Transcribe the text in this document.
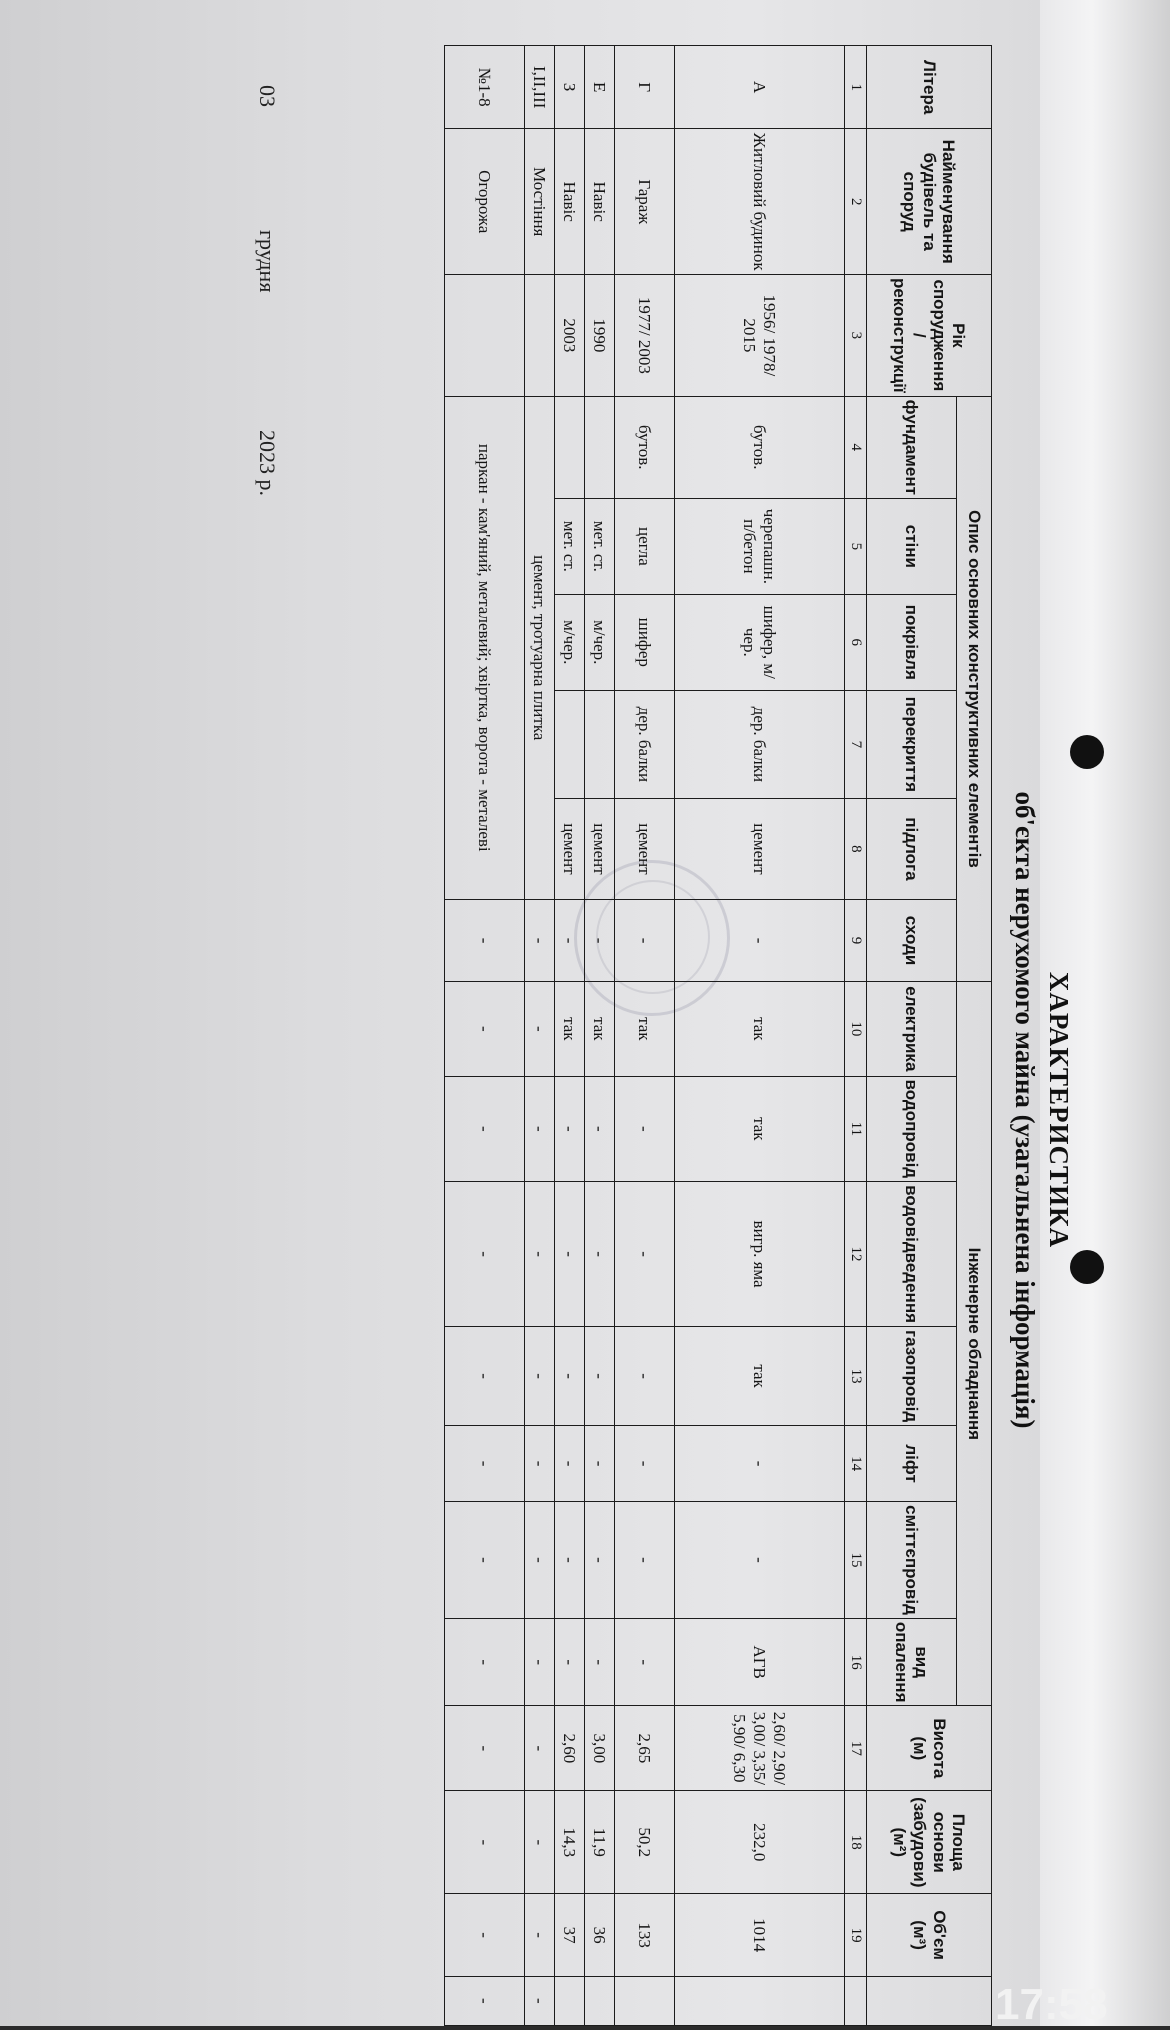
ХАРАКТЕРИСТИКА
об'єкта нерухомого майна (узагальнена інформація)
Літера	Найменування будівель та споруд	Рік спорудження / реконструкції	Опис основних конструктивних елементів						Інженерне обладнання							Висота (м)	Площа основи (забудови) (м²)	Об'єм (м³)	
			фундамент	стіни	покрівля	перекриття	підлога	сходи	електрика	водопровід	водовідведення	газопровід	ліфт	сміттєпровід	вид опалення				
1	2	3	4	5	6	7	8	9	10	11	12	13	14	15	16	17	18	19	
А	Житловий будинок	1956/ 1978/ 2015	бутов.	черепашн. п/бетон	шифер, м/чер.	дер. балки	цемент	-	так	так	вигр. яма	так	-	-	АГВ	2,60/ 2,90/ 3,00/ 3,35/ 5,90/ 6,30	232,0	1014	
Г	Гараж	1977/ 2003	бутов.	цегла	шифер	дер. балки	цемент	-	так	-	-	-	-	-	-	2,65	50,2	133	
Е	Навіс	1990		мет. ст.	м/чер.		цемент	-	так	-	-	-	-	-	-	3,00	11,9	36	
З	Навіс	2003		мет. ст.	м/чер.		цемент	-	так	-	-	-	-	-	-	2,60	14,3	37	
I,II,III	Мостіння		цемент, тротуарна плитка					-	-	-	-	-	-	-	-	-	-	-	-
№1-8	Огорожа		паркан - кам'яний, металевий; хвіртка, ворота - металеві					-	-	-	-	-	-	-	-	-	-	-	-
03
грудня
2023 р.
17:58
